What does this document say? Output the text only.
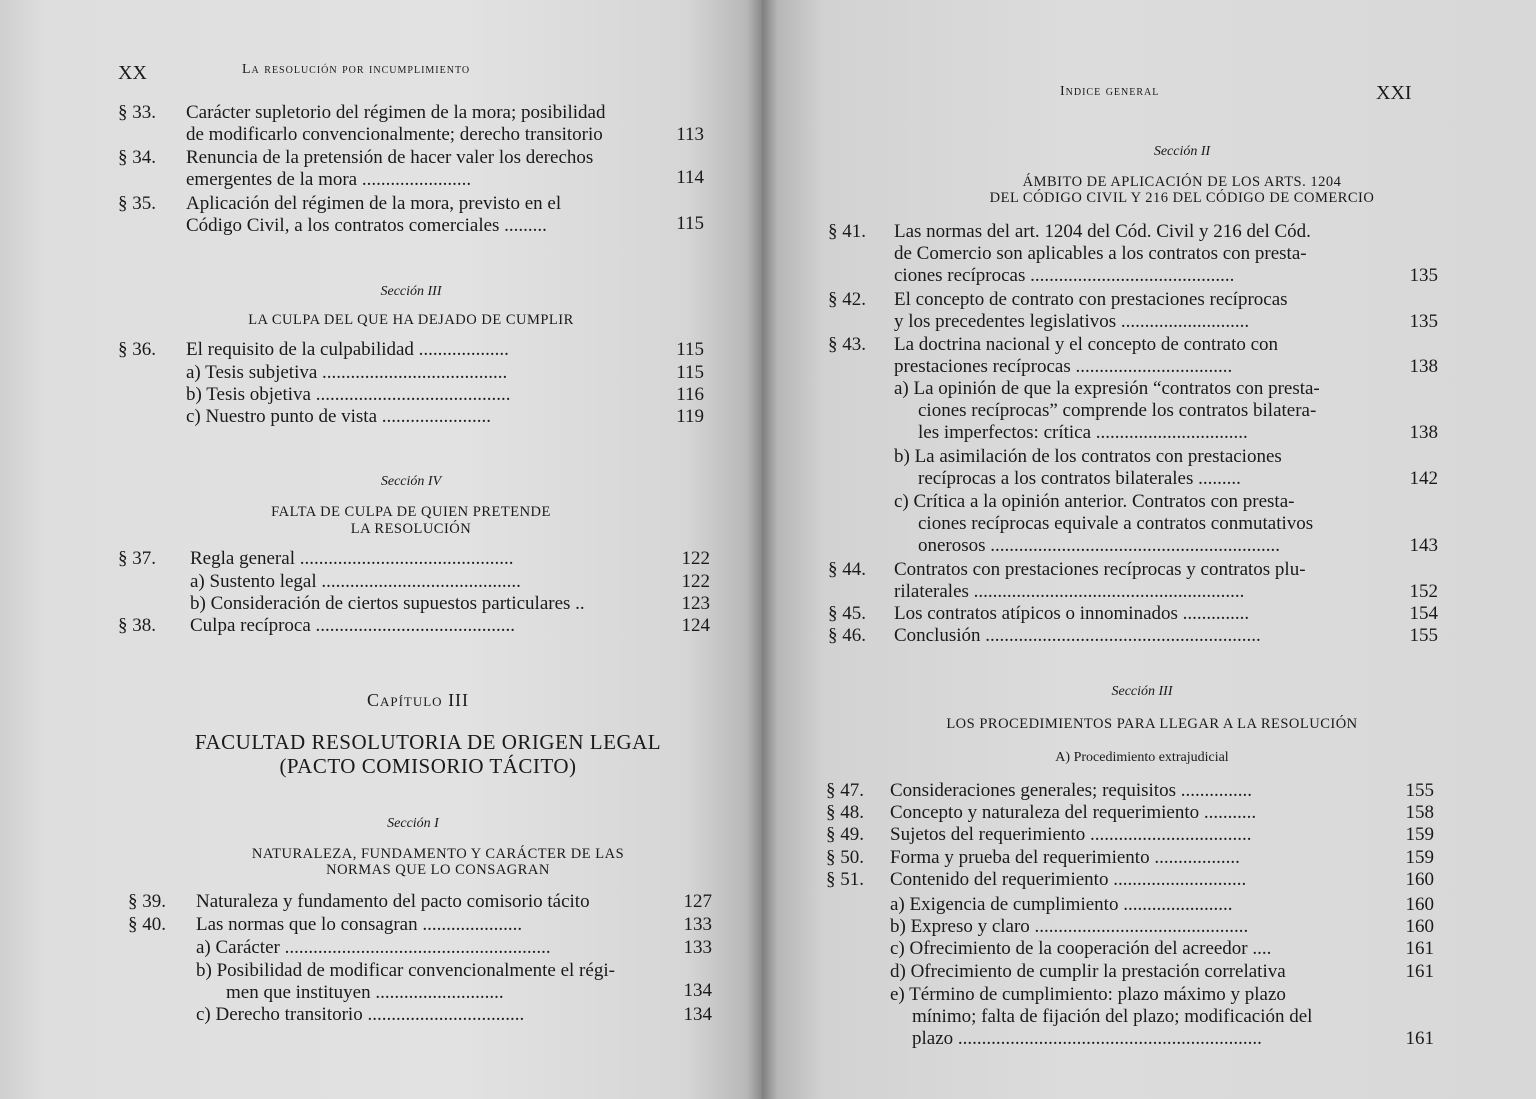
XX	La resolución por incumplimiento
§ 33. Carácter supletorio del régimen de la mora; posibilidad
de modificarlo convencionalmente; derecho transitorio	113
§ 34. Renuncia de la pretensión de hacer valer los derechos
emergentes de la mora .......................	114
§ 35. Aplicación del régimen de la mora, previsto en el
Código Civil, a los contratos comerciales .........	115
Sección III
LA CULPA DEL QUE HA DEJADO DE CUMPLIR
§ 36. El requisito de la culpabilidad ...................	115
a) Tesis subjetiva .......................................	115
b) Tesis objetiva .........................................	116
c) Nuestro punto de vista .......................	119
Sección IV
FALTA DE CULPA DE QUIEN PRETENDE
LA RESOLUCIÓN
§ 37. Regla general .............................................	122
a) Sustento legal ..........................................	122
b) Consideración de ciertos supuestos particulares ..	123
§ 38. Culpa recíproca ..........................................	124
Capítulo III
FACULTAD RESOLUTORIA DE ORIGEN LEGAL
(PACTO COMISORIO TÁCITO)
Sección I
NATURALEZA, FUNDAMENTO Y CARÁCTER DE LAS
NORMAS QUE LO CONSAGRAN
§ 39. Naturaleza y fundamento del pacto comisorio tácito	127
§ 40. Las normas que lo consagran .....................	133
a) Carácter ........................................................	133
b) Posibilidad de modificar convencionalmente el régi-
men que instituyen ...........................	134
c) Derecho transitorio .................................	134
Indice general	XXI
Sección II
ÁMBITO DE APLICACIÓN DE LOS ARTS. 1204
DEL CÓDIGO CIVIL Y 216 DEL CÓDIGO DE COMERCIO
§ 41. Las normas del art. 1204 del Cód. Civil y 216 del Cód.
de Comercio son aplicables a los contratos con presta-
ciones recíprocas ...........................................	135
§ 42. El concepto de contrato con prestaciones recíprocas
y los precedentes legislativos ...........................	135
§ 43. La doctrina nacional y el concepto de contrato con
prestaciones recíprocas .................................	138
a) La opinión de que la expresión “contratos con presta-
ciones recíprocas” comprende los contratos bilatera-
les imperfectos: crítica ................................	138
b) La asimilación de los contratos con prestaciones
recíprocas a los contratos bilaterales .........	142
c) Crítica a la opinión anterior. Contratos con presta-
ciones recíprocas equivale a contratos conmutativos
onerosos .............................................................	143
§ 44. Contratos con prestaciones recíprocas y contratos plu-
rilaterales .........................................................	152
§ 45. Los contratos atípicos o innominados ..............	154
§ 46. Conclusión ..........................................................	155
Sección III
LOS PROCEDIMIENTOS PARA LLEGAR A LA RESOLUCIÓN
A) Procedimiento extrajudicial
§ 47. Consideraciones generales; requisitos ...............	155
§ 48. Concepto y naturaleza del requerimiento ...........	158
§ 49. Sujetos del requerimiento ..................................	159
§ 50. Forma y prueba del requerimiento ..................	159
§ 51. Contenido del requerimiento ............................	160
a) Exigencia de cumplimiento .......................	160
b) Expreso y claro .............................................	160
c) Ofrecimiento de la cooperación del acreedor ....	161
d) Ofrecimiento de cumplir la prestación correlativa	161
e) Término de cumplimiento: plazo máximo y plazo
mínimo; falta de fijación del plazo; modificación del
plazo ................................................................	161
